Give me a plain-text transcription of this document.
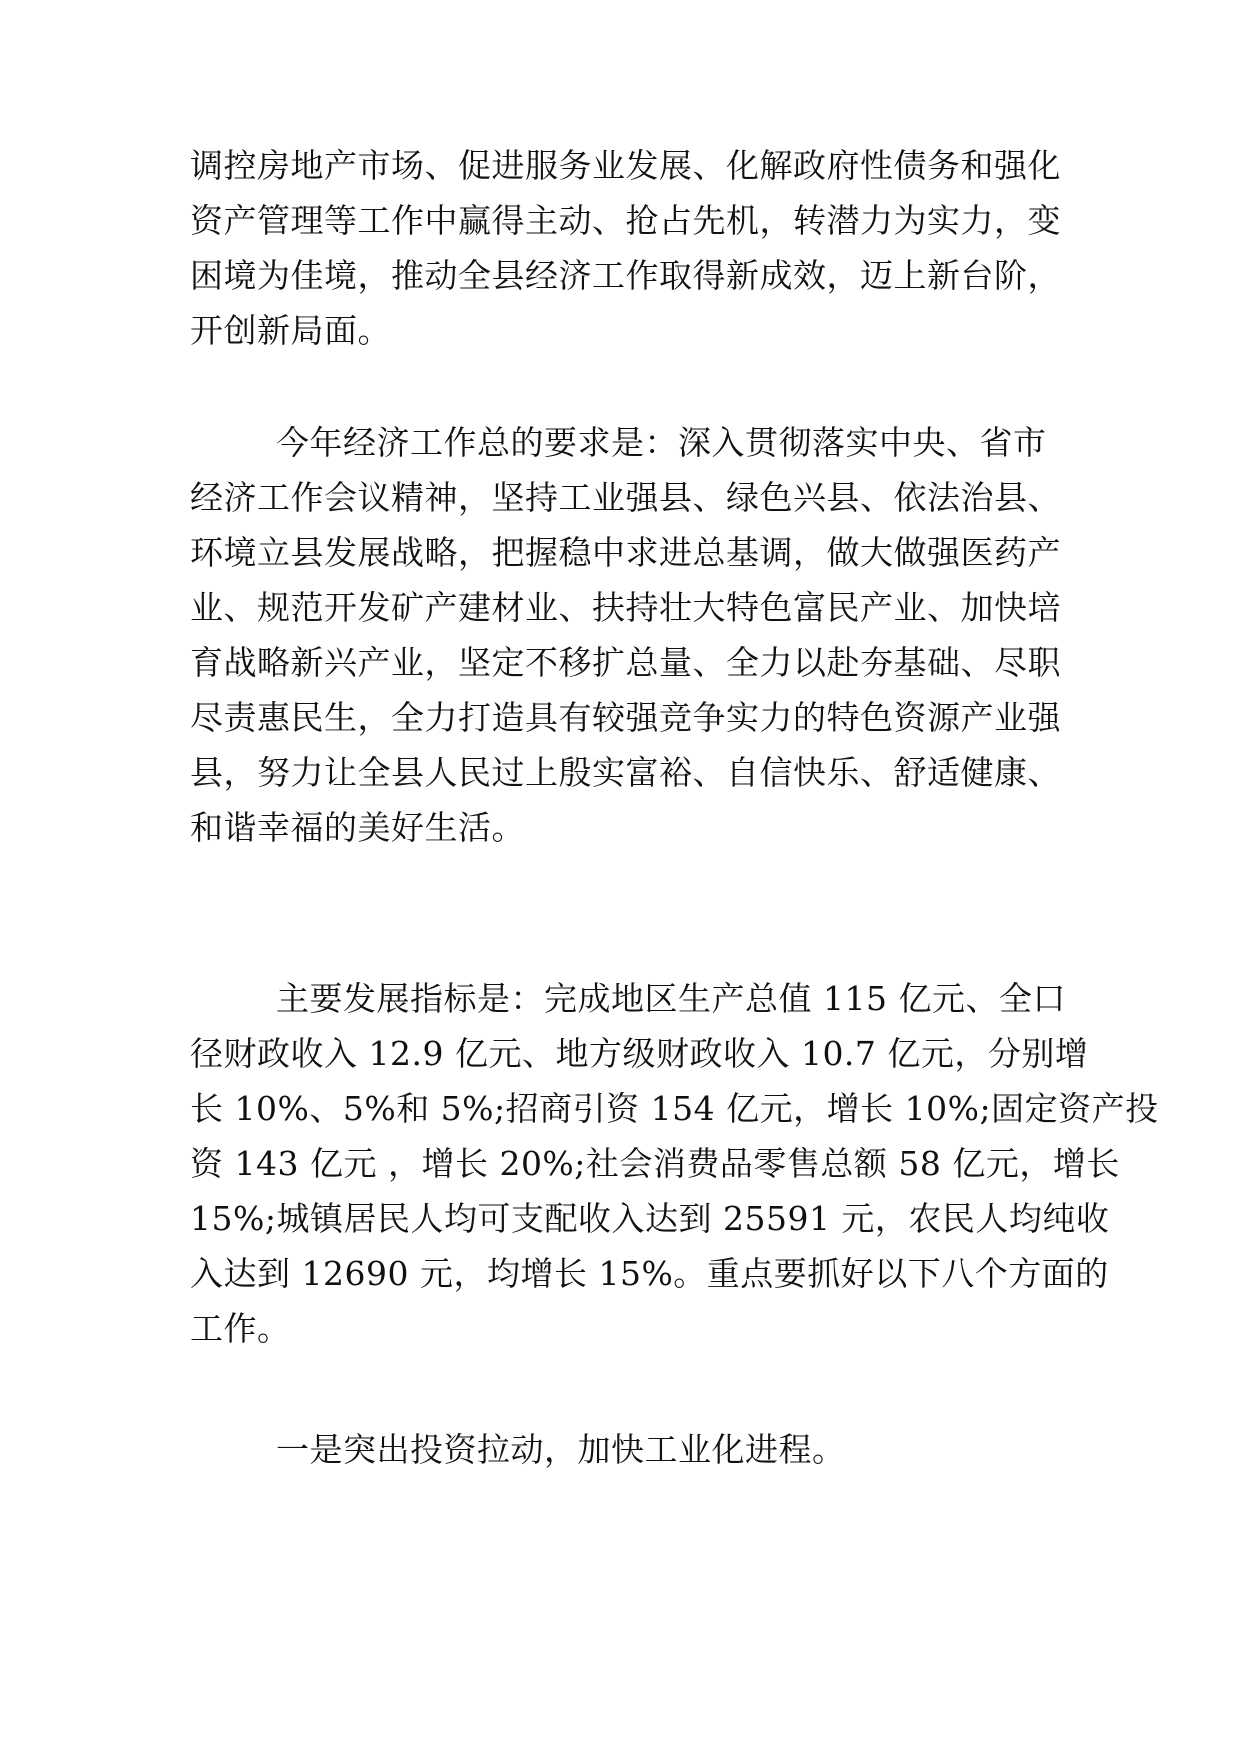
调控房地产市场、促进服务业发展、化解政府性债务和强化
资产管理等工作中赢得主动、抢占先机，转潜力为实力，变
困境为佳境，推动全县经济工作取得新成效，迈上新台阶，
开创新局面。
今年经济工作总的要求是：深入贯彻落实中央、省市
经济工作会议精神，坚持工业强县、绿色兴县、依法治县、
环境立县发展战略，把握稳中求进总基调，做大做强医药产
业、规范开发矿产建材业、扶持壮大特色富民产业、加快培
育战略新兴产业，坚定不移扩总量、全力以赴夯基础、尽职
尽责惠民生，全力打造具有较强竞争实力的特色资源产业强
县，努力让全县人民过上殷实富裕、自信快乐、舒适健康、
和谐幸福的美好生活。
主要发展指标是：完成地区生产总值 115 亿元、全口
径财政收入 12.9 亿元、地方级财政收入 10.7 亿元，分别增
长 10%、5%和 5%;招商引资 154 亿元，增长 10%;固定资产投
资 143 亿元 ，增长 20%;社会消费品零售总额 58 亿元，增长
15%;城镇居民人均可支配收入达到 25591 元，农民人均纯收
入达到 12690 元，均增长 15%。重点要抓好以下八个方面的
工作。
一是突出投资拉动，加快工业化进程。
